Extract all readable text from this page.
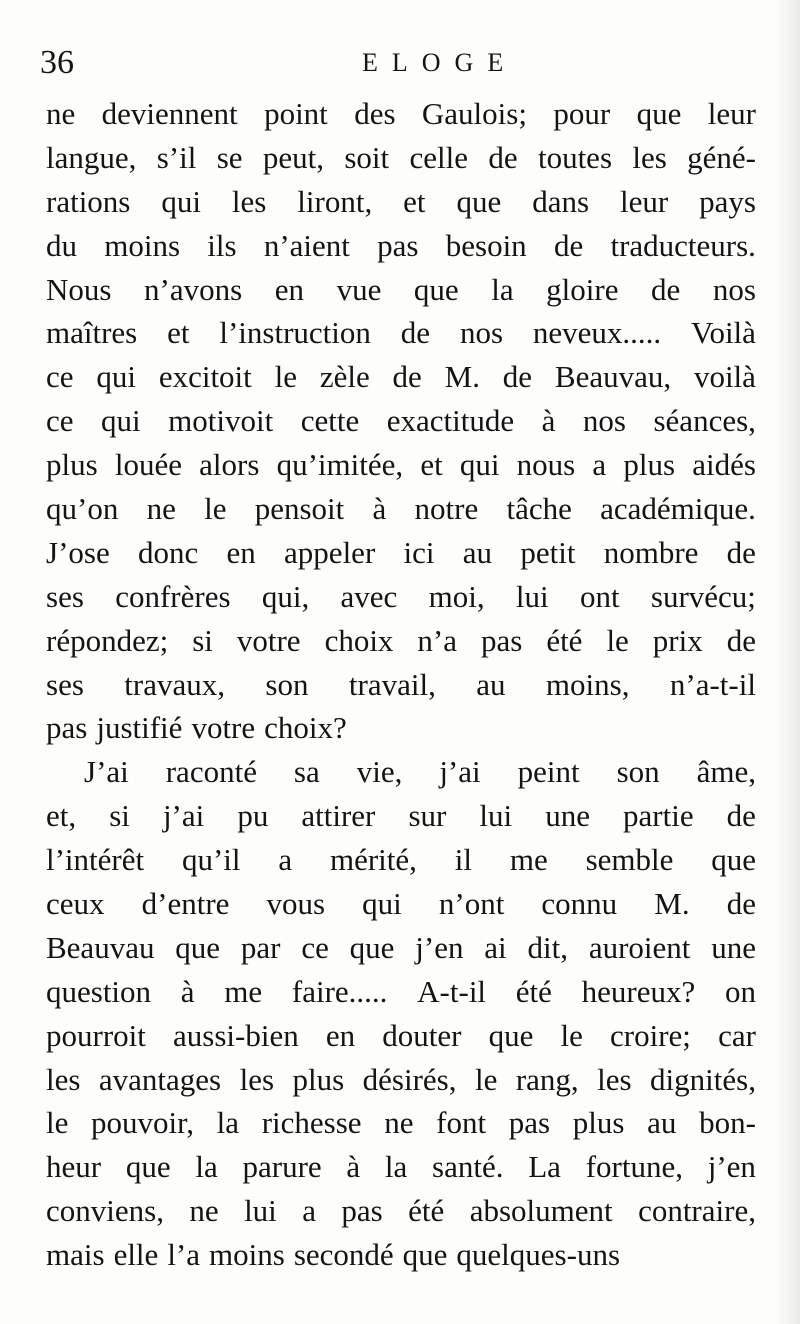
36	ELOGE
ne deviennent point des Gaulois; pour que leur
langue, s’il se peut, soit celle de toutes les géné-
rations qui les liront, et que dans leur pays
du moins ils n’aient pas besoin de traducteurs.
Nous n’avons en vue que la gloire de nos
maîtres et l’instruction de nos neveux..... Voilà
ce qui excitoit le zèle de M. de Beauvau, voilà
ce qui motivoit cette exactitude à nos séances,
plus louée alors qu’imitée, et qui nous a plus aidés
qu’on ne le pensoit à notre tâche académique.
J’ose donc en appeler ici au petit nombre de
ses confrères qui, avec moi, lui ont survécu;
répondez; si votre choix n’a pas été le prix de
ses travaux, son travail, au moins, n’a-t-il
pas justifié votre choix?
J’ai raconté sa vie, j’ai peint son âme,
et, si j’ai pu attirer sur lui une partie de
l’intérêt qu’il a mérité, il me semble que
ceux d’entre vous qui n’ont connu M. de
Beauvau que par ce que j’en ai dit, auroient une
question à me faire..... A-t-il été heureux? on
pourroit aussi-bien en douter que le croire; car
les avantages les plus désirés, le rang, les dignités,
le pouvoir, la richesse ne font pas plus au bon-
heur que la parure à la santé. La fortune, j’en
conviens, ne lui a pas été absolument contraire,
mais elle l’a moins secondé que quelques-uns
